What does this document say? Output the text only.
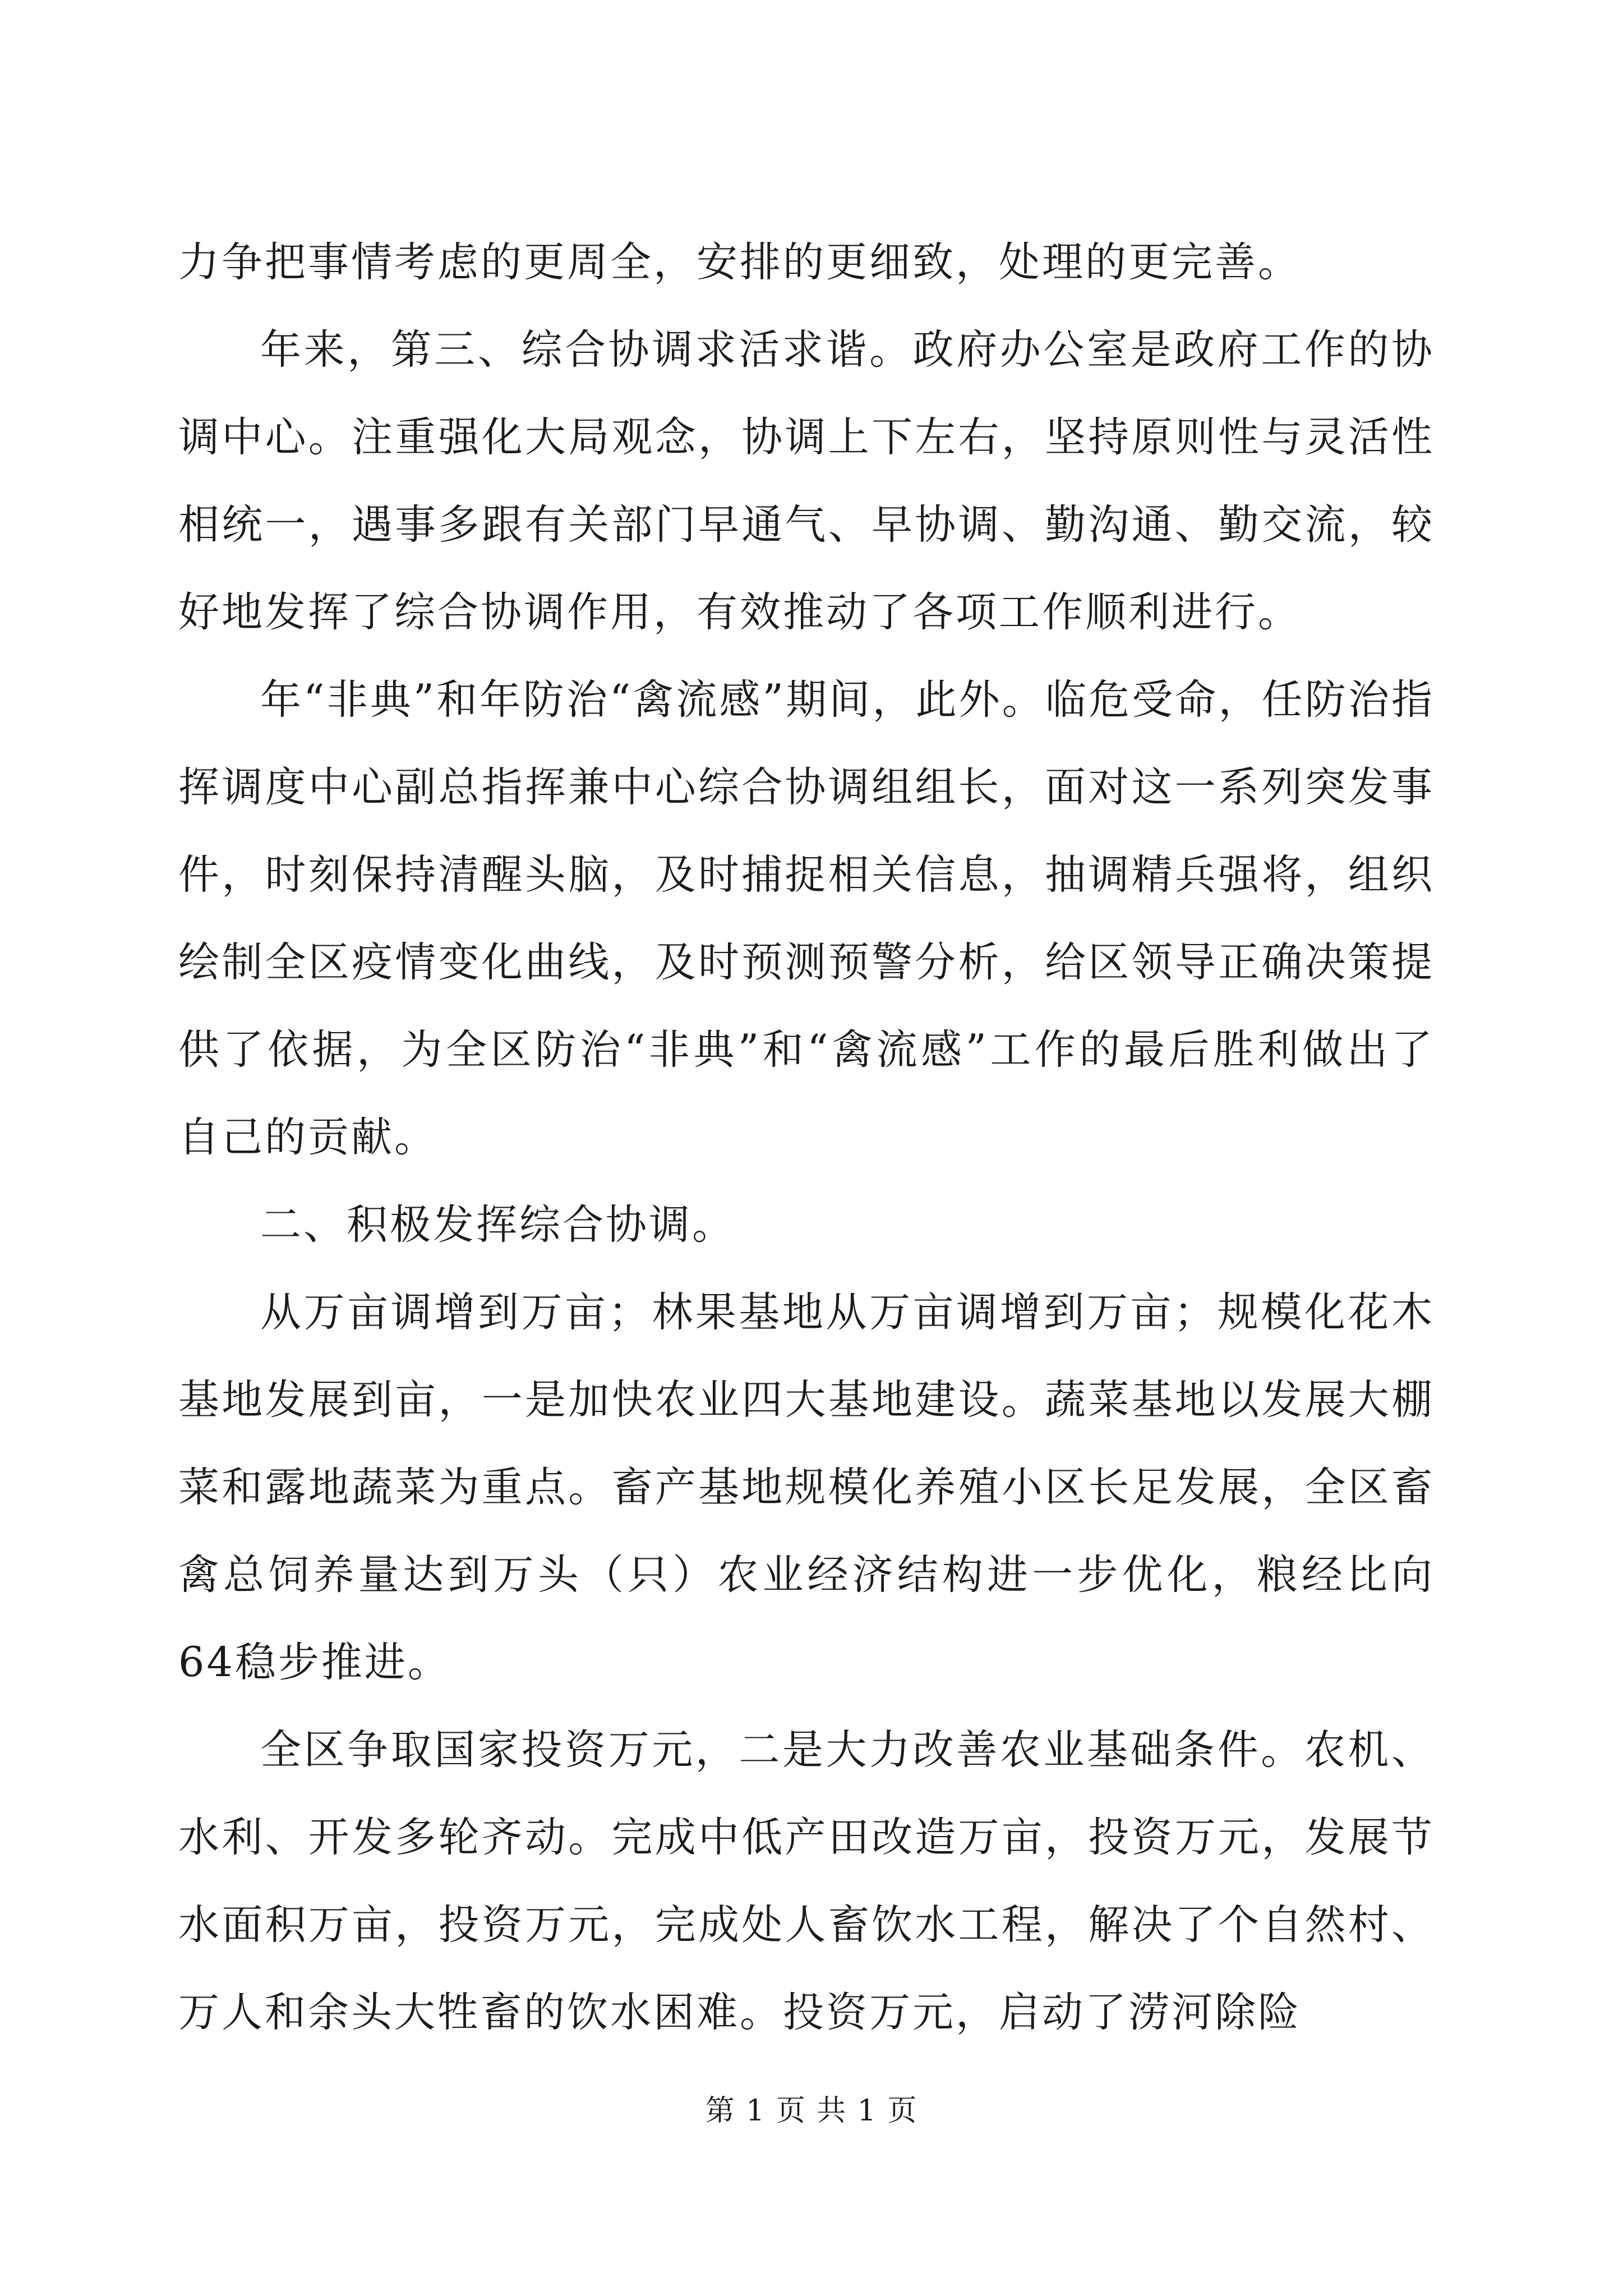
力争把事情考虑的更周全，安排的更细致，处理的更完善。

年来，第三、综合协调求活求谐。政府办公室是政府工作的协调中心。注重强化大局观念，协调上下左右，坚持原则性与灵活性相统一，遇事多跟有关部门早通气、早协调、勤沟通、勤交流，较好地发挥了综合协调作用，有效推动了各项工作顺利进行。

年“非典”和年防治“禽流感”期间，此外。临危受命，任防治指挥调度中心副总指挥兼中心综合协调组组长，面对这一系列突发事件，时刻保持清醒头脑，及时捕捉相关信息，抽调精兵强将，组织绘制全区疫情变化曲线，及时预测预警分析，给区领导正确决策提供了依据，为全区防治“非典”和“禽流感”工作的最后胜利做出了自己的贡献。

二、积极发挥综合协调。

从万亩调增到万亩；林果基地从万亩调增到万亩；规模化花木基地发展到亩，一是加快农业四大基地建设。蔬菜基地以发展大棚菜和露地蔬菜为重点。畜产基地规模化养殖小区长足发展，全区畜禽总饲养量达到万头（只）农业经济结构进一步优化，粮经比向64稳步推进。

全区争取国家投资万元，二是大力改善农业基础条件。农机、水利、开发多轮齐动。完成中低产田改造万亩，投资万元，发展节水面积万亩，投资万元，完成处人畜饮水工程，解决了个自然村、万人和余头大牲畜的饮水困难。投资万元，启动了涝河除险

第 1 页 共 1 页
